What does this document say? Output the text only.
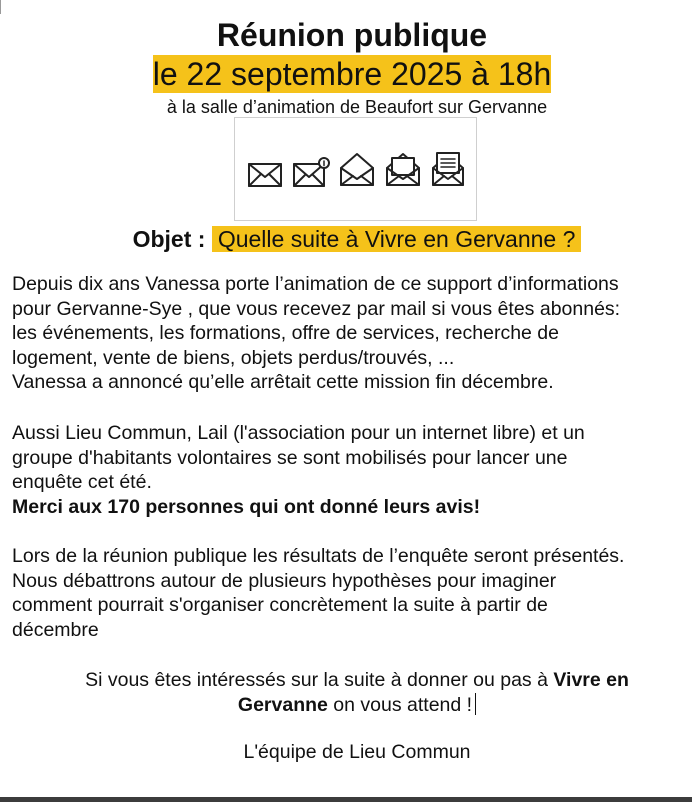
Réunion publique
le 22 septembre 2025 à 18h
à la salle d’animation de Beaufort sur Gervanne
Objet : Quelle suite à Vivre en Gervanne ?
Depuis dix ans Vanessa porte l’animation de ce support d’informations
pour Gervanne-Sye , que vous recevez par mail si vous êtes abonnés:
les événements, les formations, offre de services, recherche de
logement, vente de biens, objets perdus/trouvés, ...
Vanessa a annoncé qu’elle arrêtait cette mission fin décembre.
Aussi Lieu Commun, Lail (l'association pour un internet libre) et un
groupe d'habitants volontaires se sont mobilisés pour lancer une
enquête cet été.
Merci aux 170 personnes qui ont donné leurs avis!
Lors de la réunion publique les résultats de l’enquête seront présentés.
Nous débattrons autour de plusieurs hypothèses pour imaginer
comment pourrait s'organiser concrètement la suite à partir de
décembre
Si vous êtes intéressés sur la suite à donner ou pas à Vivre en
Gervanne on vous attend !
L'équipe de Lieu Commun
